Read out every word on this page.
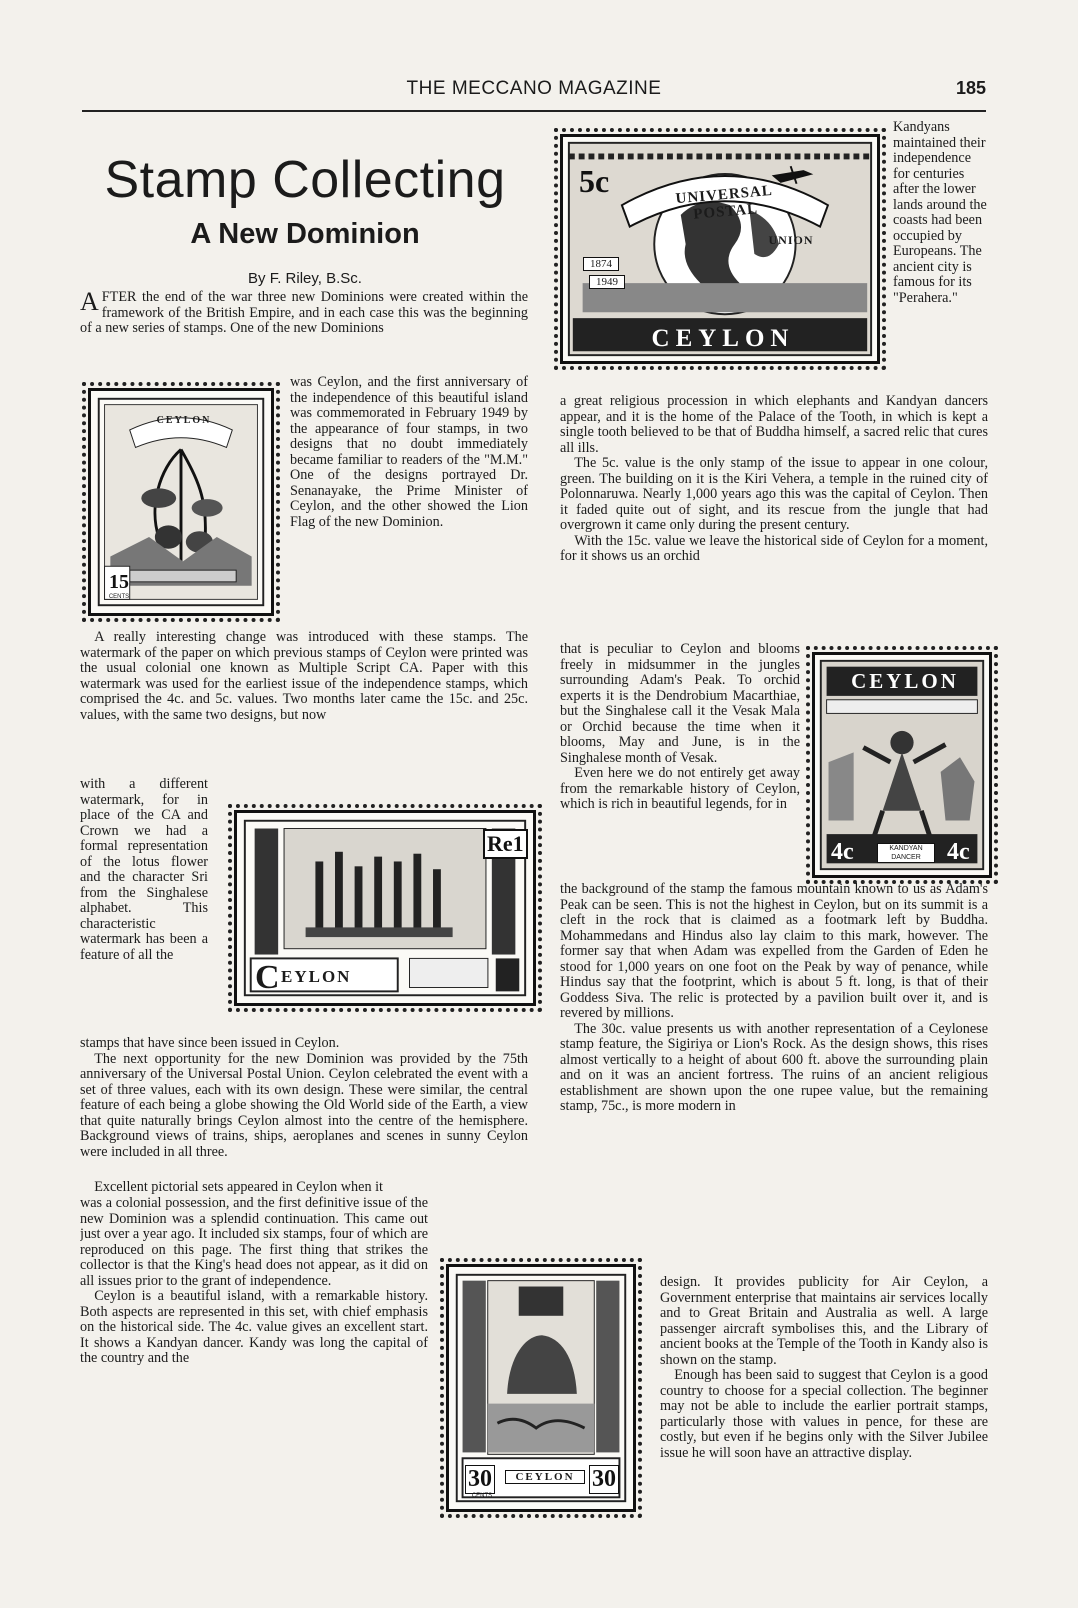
THE MECCANO MAGAZINE	185
Stamp Collecting
A New Dominion
By F. Riley, B.Sc.

AFTER the end of the war three new Dominions were created within the framework of the British Empire, and in each case this was the beginning of a new series of stamps. One of the new Dominions

CEYLON
15
CENTS

was Ceylon, and the first anniversary of the independence of this beautiful island was commemorated in February 1949 by the appearance of four stamps, in two designs that no doubt immediately became familiar to readers of the "M.M." One of the designs portrayed Dr. Senanayake, the Prime Minister of Ceylon, and the other showed the Lion Flag of the new Dominion.

A really interesting change was introduced with these stamps. The watermark of the paper on which previous stamps of Ceylon were printed was the usual colonial one known as Multiple Script CA. Paper with this watermark was used for the earliest issue of the independence stamps, which comprised the 4c. and 5c. values. Two months later came the 15c. and 25c. values, with the same two designs, but now

with a different watermark, for in place of the CA and Crown we had a formal representation of the lotus flower and the character Sri from the Singhalese alphabet. This characteristic watermark has been a feature of all the

Re1
C EYLON

stamps that have since been issued in Ceylon.

The next opportunity for the new Dominion was provided by the 75th anniversary of the Universal Postal Union. Ceylon celebrated the event with a set of three values, each with its own design. These were similar, the central feature of each being a globe showing the Old World side of the Earth, a view that quite naturally brings Ceylon almost into the centre of the hemisphere. Background views of trains, ships, aeroplanes and scenes in sunny Ceylon were included in all three.

Excellent pictorial sets appeared in Ceylon when it

was a colonial possession, and the first definitive issue of the new Dominion was a splendid continuation. This came out just over a year ago. It included six stamps, four of which are reproduced on this page. The first thing that strikes the collector is that the King's head does not appear, as it did on all issues prior to the grant of independence.

Ceylon is a beautiful island, with a remarkable history. Both aspects are represented in this set, with chief emphasis on the historical side. The 4c. value gives an excellent start. It shows a Kandyan dancer. Kandy was long the capital of the country and the

30	30
CEYLON
CENTS
5c	UNIVERSAL POSTAL
UNION
1874
1949
CEYLON

Kandyans maintained their independence for centuries after the lower lands around the coasts had been occupied by Europeans. The ancient city is famous for its "Perahera."

a great religious procession in which elephants and Kandyan dancers appear, and it is the home of the Palace of the Tooth, in which is kept a single tooth believed to be that of Buddha himself, a sacred relic that cures all ills.

The 5c. value is the only stamp of the issue to appear in one colour, green. The building on it is the Kiri Vehera, a temple in the ruined city of Polonnaruwa. Nearly 1,000 years ago this was the capital of Ceylon. Then it faded quite out of sight, and its rescue from the jungle that had overgrown it came only during the present century.

With the 15c. value we leave the historical side of Ceylon for a moment, for it shows us an orchid

that is peculiar to Ceylon and blooms freely in midsummer in the jungles surrounding Adam's Peak. To orchid experts it is the Dendrobium Macarthiae, but the Singhalese call it the Vesak Mala or Orchid because the time when it blooms, May and June, is in the Singhalese month of Vesak.

Even here we do not entirely get away from the remarkable history of Ceylon, which is rich in beautiful legends, for in

CEYLON
4c	4c
KANDYAN DANCER

the background of the stamp the famous mountain known to us as Adam's Peak can be seen. This is not the highest in Ceylon, but on its summit is a cleft in the rock that is claimed as a footmark left by Buddha. Mohammedans and Hindus also lay claim to this mark, however. The former say that when Adam was expelled from the Garden of Eden he stood for 1,000 years on one foot on the Peak by way of penance, while Hindus say that the footprint, which is about 5 ft. long, is that of their Goddess Siva. The relic is protected by a pavilion built over it, and is revered by millions.

The 30c. value presents us with another representation of a Ceylonese stamp feature, the Sigiriya or Lion's Rock. As the design shows, this rises almost vertically to a height of about 600 ft. above the surrounding plain and on it was an ancient fortress. The ruins of an ancient religious establishment are shown upon the one rupee value, but the remaining stamp, 75c., is more modern in

design. It provides publicity for Air Ceylon, a Government enterprise that maintains air services locally and to Great Britain and Australia as well. A large passenger aircraft symbolises this, and the Library of ancient books at the Temple of the Tooth in Kandy also is shown on the stamp.

Enough has been said to suggest that Ceylon is a good country to choose for a special collection. The beginner may not be able to include the earlier portrait stamps, particularly those with values in pence, for these are costly, but even if he begins only with the Silver Jubilee issue he will soon have an attractive display.
